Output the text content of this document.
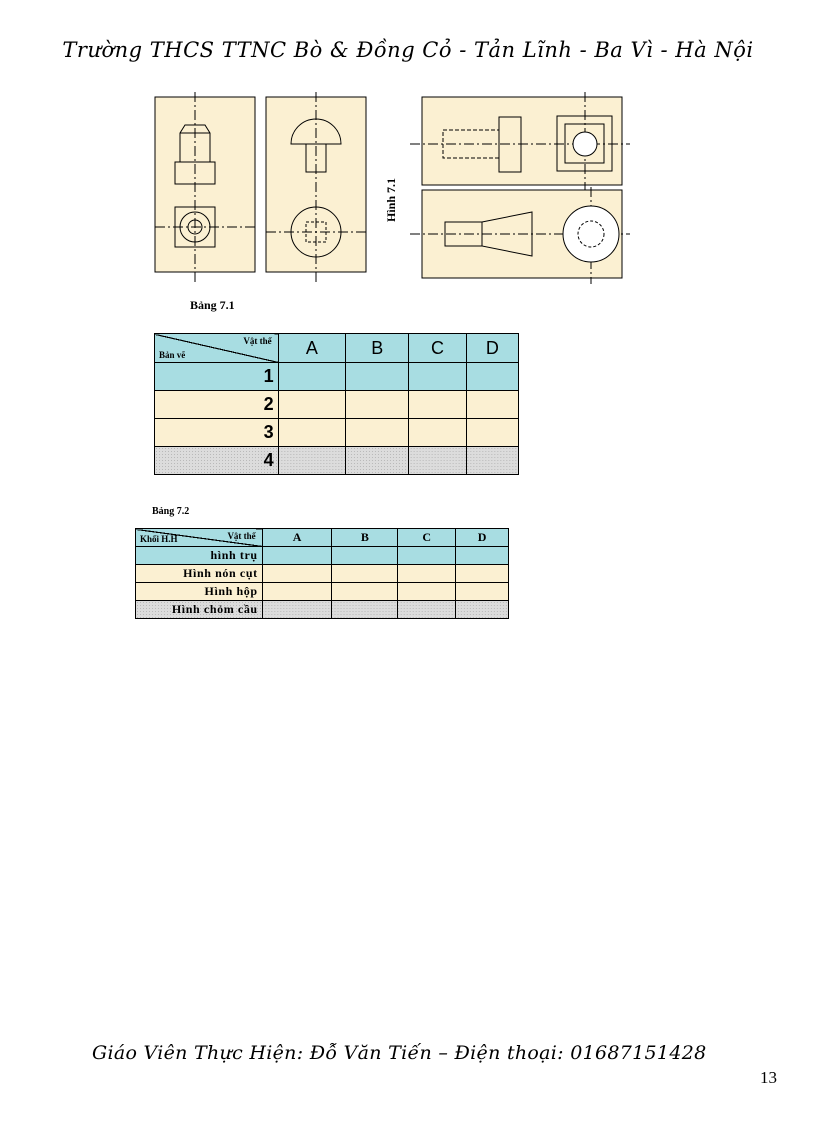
Trường THCS TTNC Bò & Đồng Cỏ - Tản Lĩnh - Ba Vì - Hà Nội
Hình 7.1
Bảng 7.1
Vật thể
Bản vẽ	A	B	C	D
1				
2				
3				
4				
Bảng 7.2
Vật thể
Khối H.H	A	B	C	D
hình trụ				
Hình nón cụt				
Hình hộp				
Hình chỏm cầu				
Giáo Viên Thực Hiện: Đỗ Văn Tiến – Điện thoại: 01687151428
13
